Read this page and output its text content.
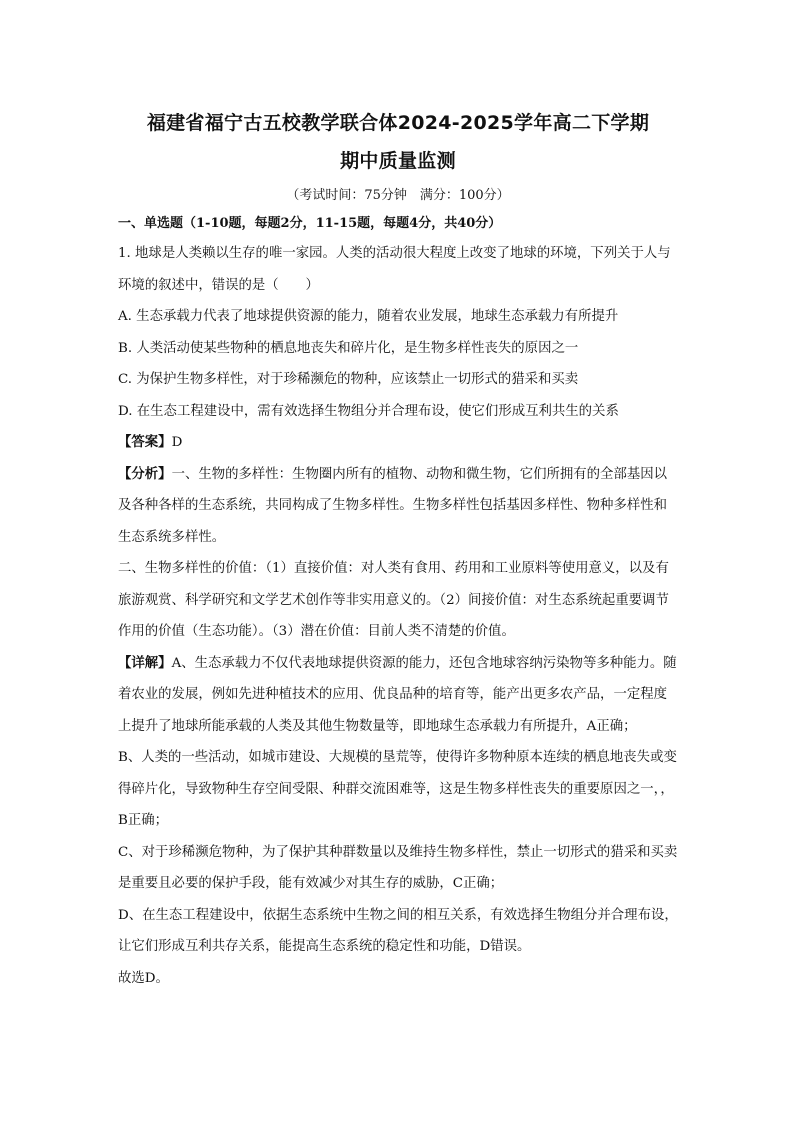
福建省福宁古五校教学联合体2024-2025学年高二下学期
期中质量监测
（考试时间：75分钟　满分：100分）
一、单选题（1-10题，每题2分，11-15题，每题4分，共40分）

1. 地球是人类赖以生存的唯一家园。人类的活动很大程度上改变了地球的环境，下列关于人与环境的叙述中，错误的是（　　）

A. 生态承载力代表了地球提供资源的能力，随着农业发展，地球生态承载力有所提升

B. 人类活动使某些物种的栖息地丧失和碎片化，是生物多样性丧失的原因之一

C. 为保护生物多样性，对于珍稀濒危的物种，应该禁止一切形式的猎采和买卖

D. 在生态工程建设中，需有效选择生物组分并合理布设，使它们形成互利共生的关系

【答案】D

【分析】一、生物的多样性：生物圈内所有的植物、动物和微生物，它们所拥有的全部基因以及各种各样的生态系统，共同构成了生物多样性。生物多样性包括基因多样性、物种多样性和生态系统多样性。

二、生物多样性的价值：（1）直接价值：对人类有食用、药用和工业原料等使用意义，以及有旅游观赏、科学研究和文学艺术创作等非实用意义的。（2）间接价值：对生态系统起重要调节作用的价值（生态功能）。（3）潜在价值：目前人类不清楚的价值。

【详解】A、生态承载力不仅代表地球提供资源的能力，还包含地球容纳污染物等多种能力。随着农业的发展，例如先进种植技术的应用、优良品种的培育等，能产出更多农产品，一定程度上提升了地球所能承载的人类及其他生物数量等，即地球生态承载力有所提升，A正确；

B、人类的一些活动，如城市建设、大规模的垦荒等，使得许多物种原本连续的栖息地丧失或变得碎片化，导致物种生存空间受限、种群交流困难等，这是生物多样性丧失的重要原因之一，，B正确；

C、对于珍稀濒危物种，为了保护其种群数量以及维持生物多样性，禁止一切形式的猎采和买卖是重要且必要的保护手段，能有效减少对其生存的威胁，C正确；

D、在生态工程建设中，依据生态系统中生物之间的相互关系，有效选择生物组分并合理布设，让它们形成互利共存关系，能提高生态系统的稳定性和功能，D错误。

故选D。
